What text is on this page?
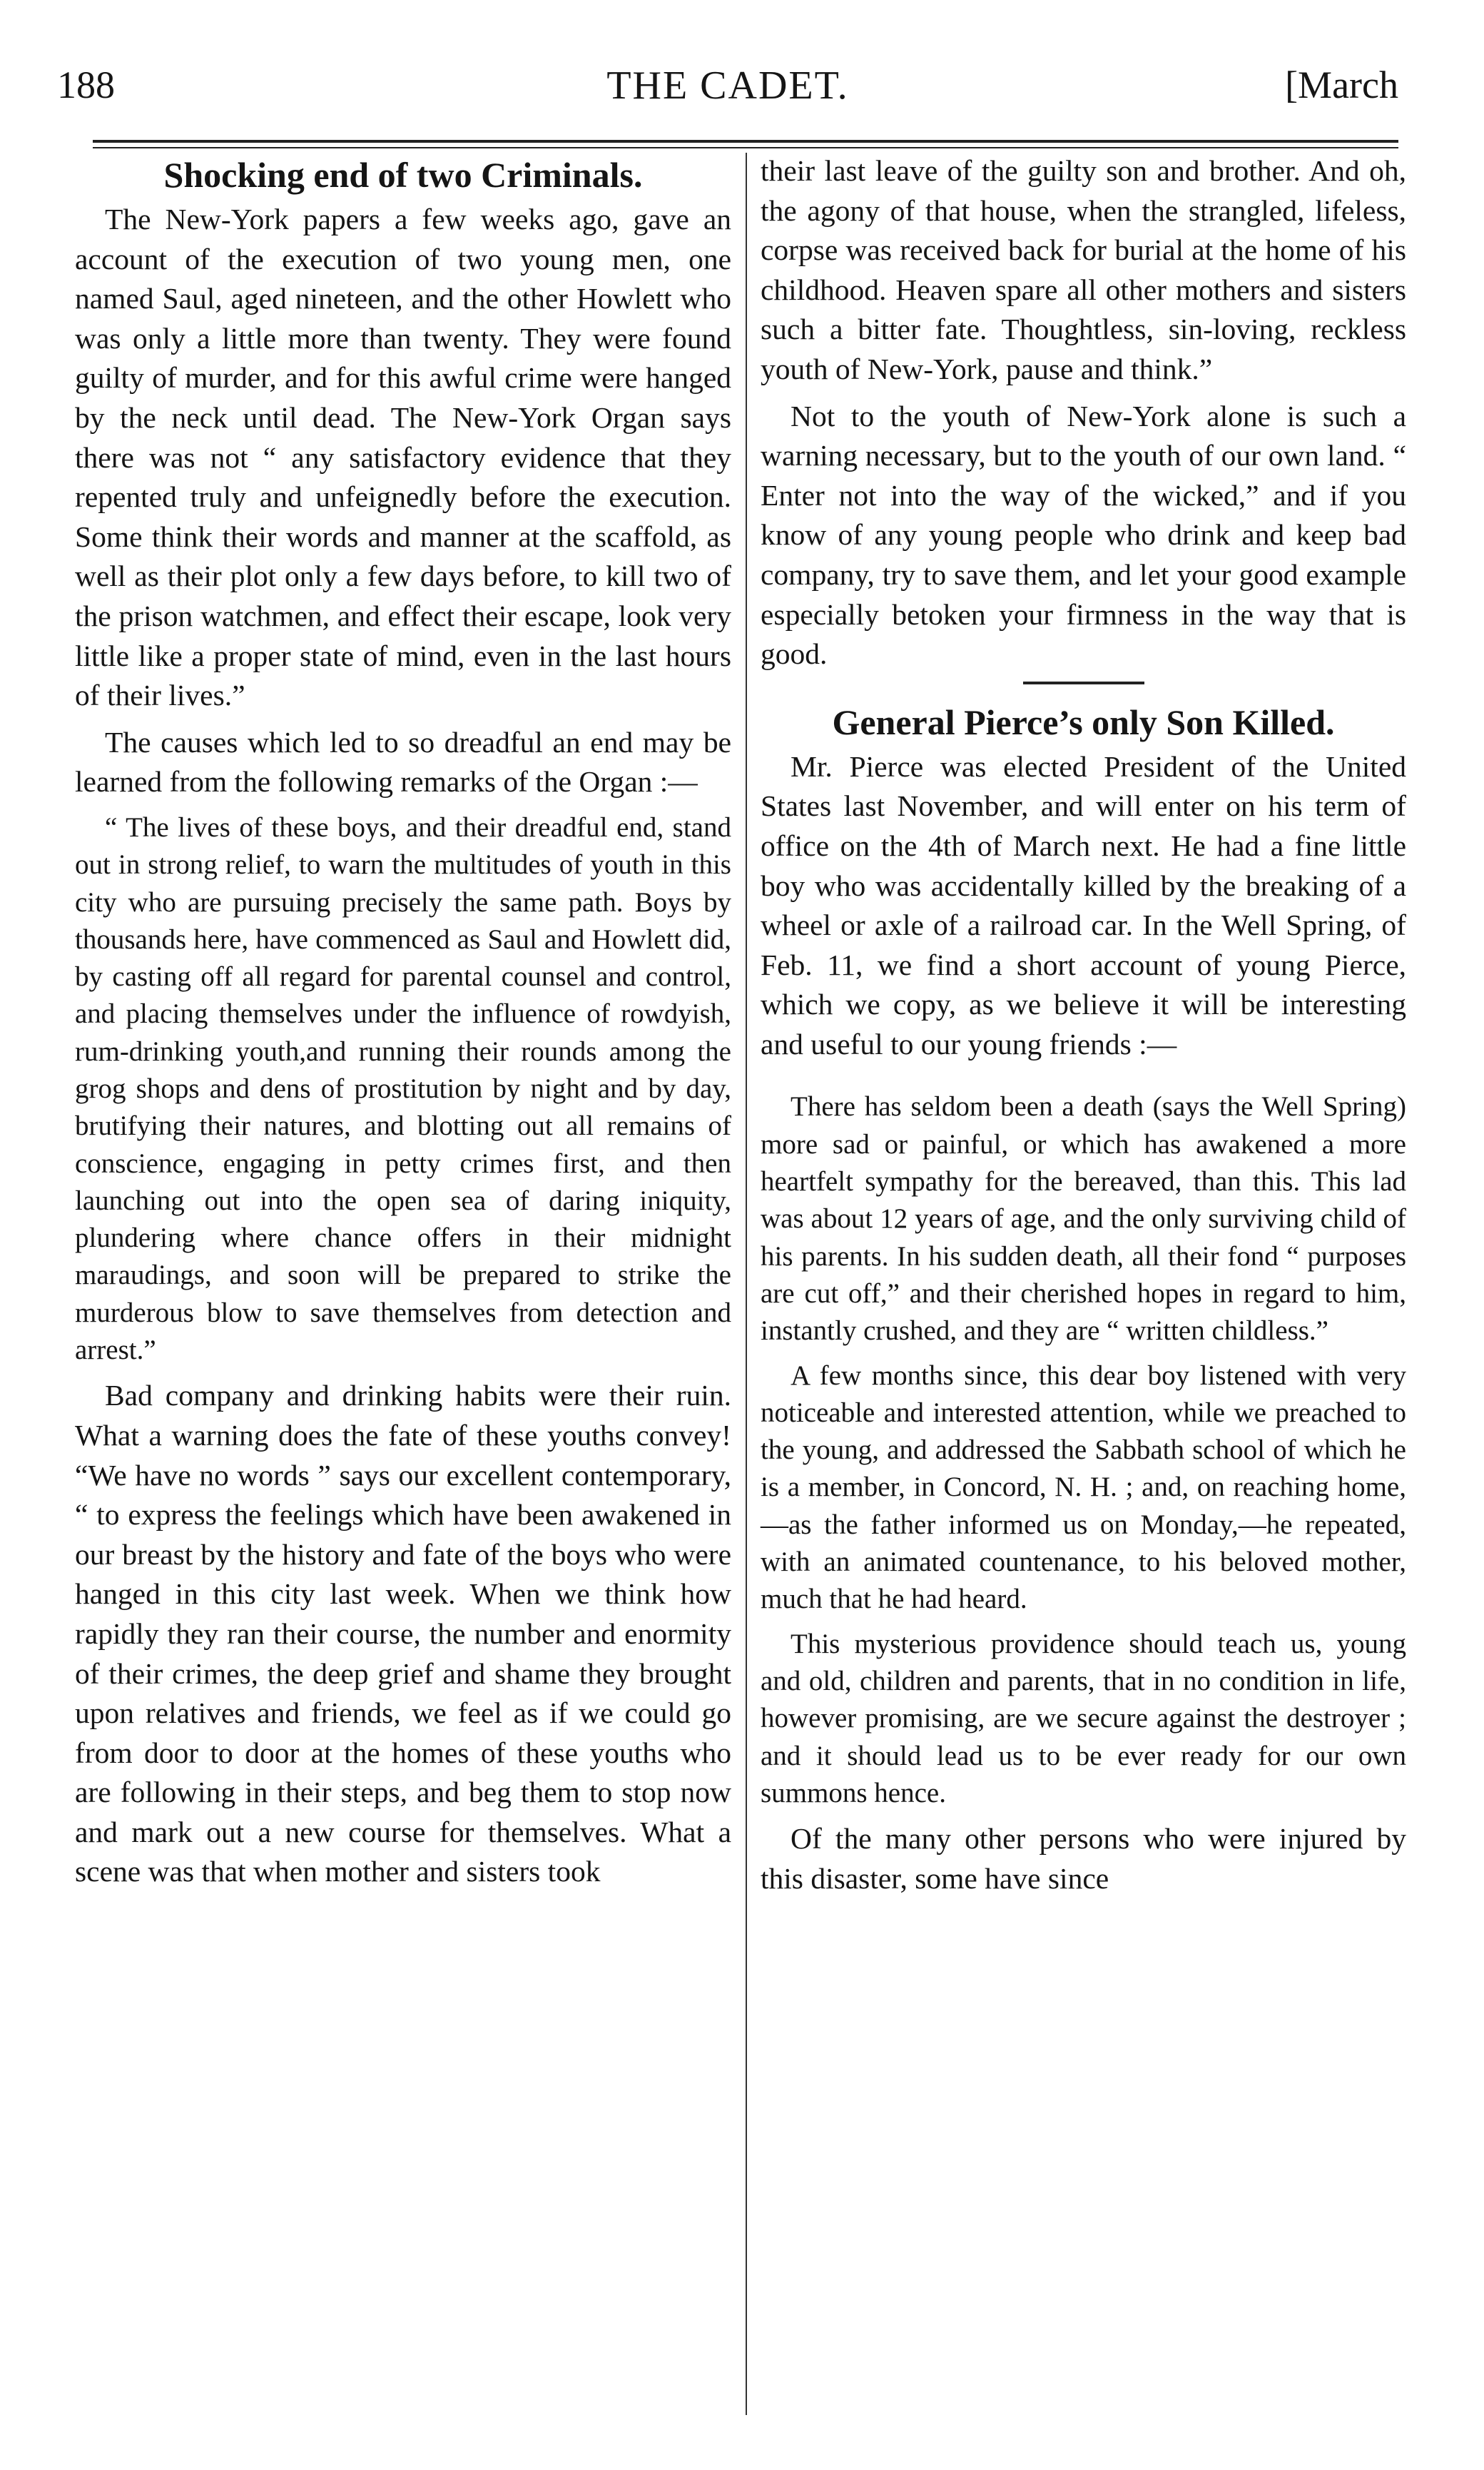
188	THE CADET.	[March
Shocking end of two Criminals.

The New-York papers a few weeks ago, gave an account of the execution of two young men, one named Saul, aged nineteen, and the other Howlett who was only a little more than twenty. They were found guilty of murder, and for this awful crime were hanged by the neck until dead. The New-York Organ says there was not “ any satisfactory evidence that they repented truly and unfeignedly before the execution. Some think their words and manner at the scaffold, as well as their plot only a few days before, to kill two of the prison watchmen, and effect their escape, look very little like a proper state of mind, even in the last hours of their lives.”

The causes which led to so dreadful an end may be learned from the following remarks of the Organ :—

“ The lives of these boys, and their dreadful end, stand out in strong relief, to warn the multitudes of youth in this city who are pursuing precisely the same path. Boys by thousands here, have commenced as Saul and Howlett did, by casting off all regard for parental counsel and control, and placing themselves under the influence of rowdyish, rum-drinking youth,and running their rounds among the grog shops and dens of prostitution by night and by day, brutifying their natures, and blotting out all remains of conscience, engaging in petty crimes first, and then launching out into the open sea of daring iniquity, plundering where chance offers in their midnight maraudings, and soon will be prepared to strike the murderous blow to save themselves from detection and arrest.”

Bad company and drinking habits were their ruin. What a warning does the fate of these youths convey! “We have no words ” says our excellent contemporary, “ to express the feelings which have been awakened in our breast by the history and fate of the boys who were hanged in this city last week. When we think how rapidly they ran their course, the number and enormity of their crimes, the deep grief and shame they brought upon relatives and friends, we feel as if we could go from door to door at the homes of these youths who are following in their steps, and beg them to stop now and mark out a new course for themselves. What a scene was that when mother and sisters took

their last leave of the guilty son and brother. And oh, the agony of that house, when the strangled, lifeless, corpse was received back for burial at the home of his childhood. Heaven spare all other mothers and sisters such a bitter fate. Thoughtless, sin-loving, reckless youth of New-York, pause and think.”

Not to the youth of New-York alone is such a warning necessary, but to the youth of our own land. “ Enter not into the way of the wicked,” and if you know of any young people who drink and keep bad company, try to save them, and let your good example especially betoken your firmness in the way that is good.

General Pierce’s only Son Killed.

Mr. Pierce was elected President of the United States last November, and will enter on his term of office on the 4th of March next. He had a fine little boy who was accidentally killed by the breaking of a wheel or axle of a railroad car. In the Well Spring, of Feb. 11, we find a short account of young Pierce, which we copy, as we believe it will be interesting and useful to our young friends :—

There has seldom been a death (says the Well Spring) more sad or painful, or which has awakened a more heartfelt sympathy for the bereaved, than this. This lad was about 12 years of age, and the only surviving child of his parents. In his sudden death, all their fond “ purposes are cut off,” and their cherished hopes in regard to him, instantly crushed, and they are “ written childless.”

A few months since, this dear boy listened with very noticeable and interested attention, while we preached to the young, and addressed the Sabbath school of which he is a member, in Concord, N. H. ; and, on reaching home,—as the father informed us on Monday,—he repeated, with an animated countenance, to his beloved mother, much that he had heard.

This mysterious providence should teach us, young and old, children and parents, that in no condition in life, however promising, are we secure against the destroyer ; and it should lead us to be ever ready for our own summons hence.

Of the many other persons who were injured by this disaster, some have since
